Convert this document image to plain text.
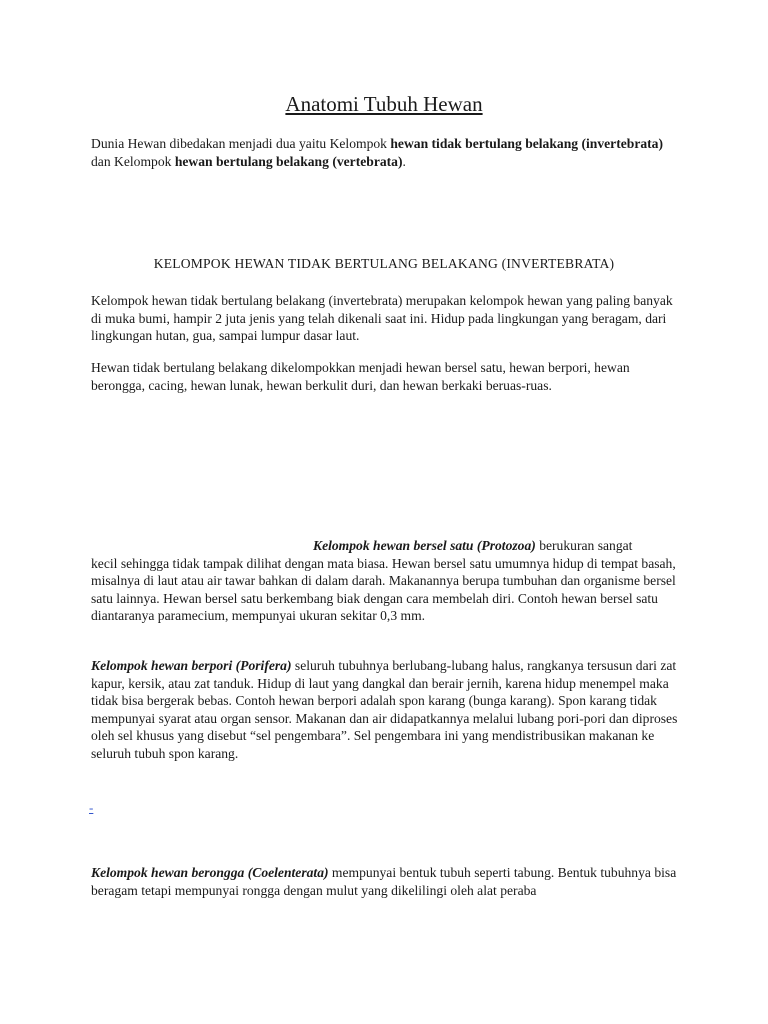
Anatomi Tubuh Hewan

Dunia Hewan dibedakan menjadi dua yaitu Kelompok hewan tidak bertulang belakang (invertebrata) dan Kelompok hewan bertulang belakang (vertebrata).

KELOMPOK HEWAN TIDAK BERTULANG BELAKANG (INVERTEBRATA)

Kelompok hewan tidak bertulang belakang (invertebrata) merupakan kelompok hewan yang paling banyak di muka bumi, hampir 2 juta jenis yang telah dikenali saat ini. Hidup pada lingkungan yang beragam, dari lingkungan hutan, gua, sampai lumpur dasar laut.

Hewan tidak bertulang belakang dikelompokkan menjadi hewan bersel satu, hewan berpori, hewan berongga, cacing, hewan lunak, hewan berkulit duri, dan hewan berkaki beruas-ruas.

Kelompok hewan bersel satu (Protozoa) berukuran sangat
kecil sehingga tidak tampak dilihat dengan mata biasa. Hewan bersel satu umumnya hidup di tempat basah, misalnya di laut atau air tawar bahkan di dalam darah. Makanannya berupa tumbuhan dan organisme bersel satu lainnya. Hewan bersel satu berkembang biak dengan cara membelah diri. Contoh hewan bersel satu diantaranya paramecium, mempunyai ukuran sekitar 0,3 mm.

Kelompok hewan berpori (Porifera) seluruh tubuhnya berlubang-lubang halus, rangkanya tersusun dari zat kapur, kersik, atau zat tanduk. Hidup di laut yang dangkal dan berair jernih, karena hidup menempel maka tidak bisa bergerak bebas. Contoh hewan berpori adalah spon karang (bunga karang). Spon karang tidak mempunyai syarat atau organ sensor. Makanan dan air didapatkannya melalui lubang pori-pori dan diproses oleh sel khusus yang disebut “sel pengembara”. Sel pengembara ini yang mendistribusikan makanan ke seluruh tubuh spon karang.

-

Kelompok hewan berongga (Coelenterata) mempunyai bentuk tubuh seperti tabung. Bentuk tubuhnya bisa beragam tetapi mempunyai rongga dengan mulut yang dikelilingi oleh alat peraba
